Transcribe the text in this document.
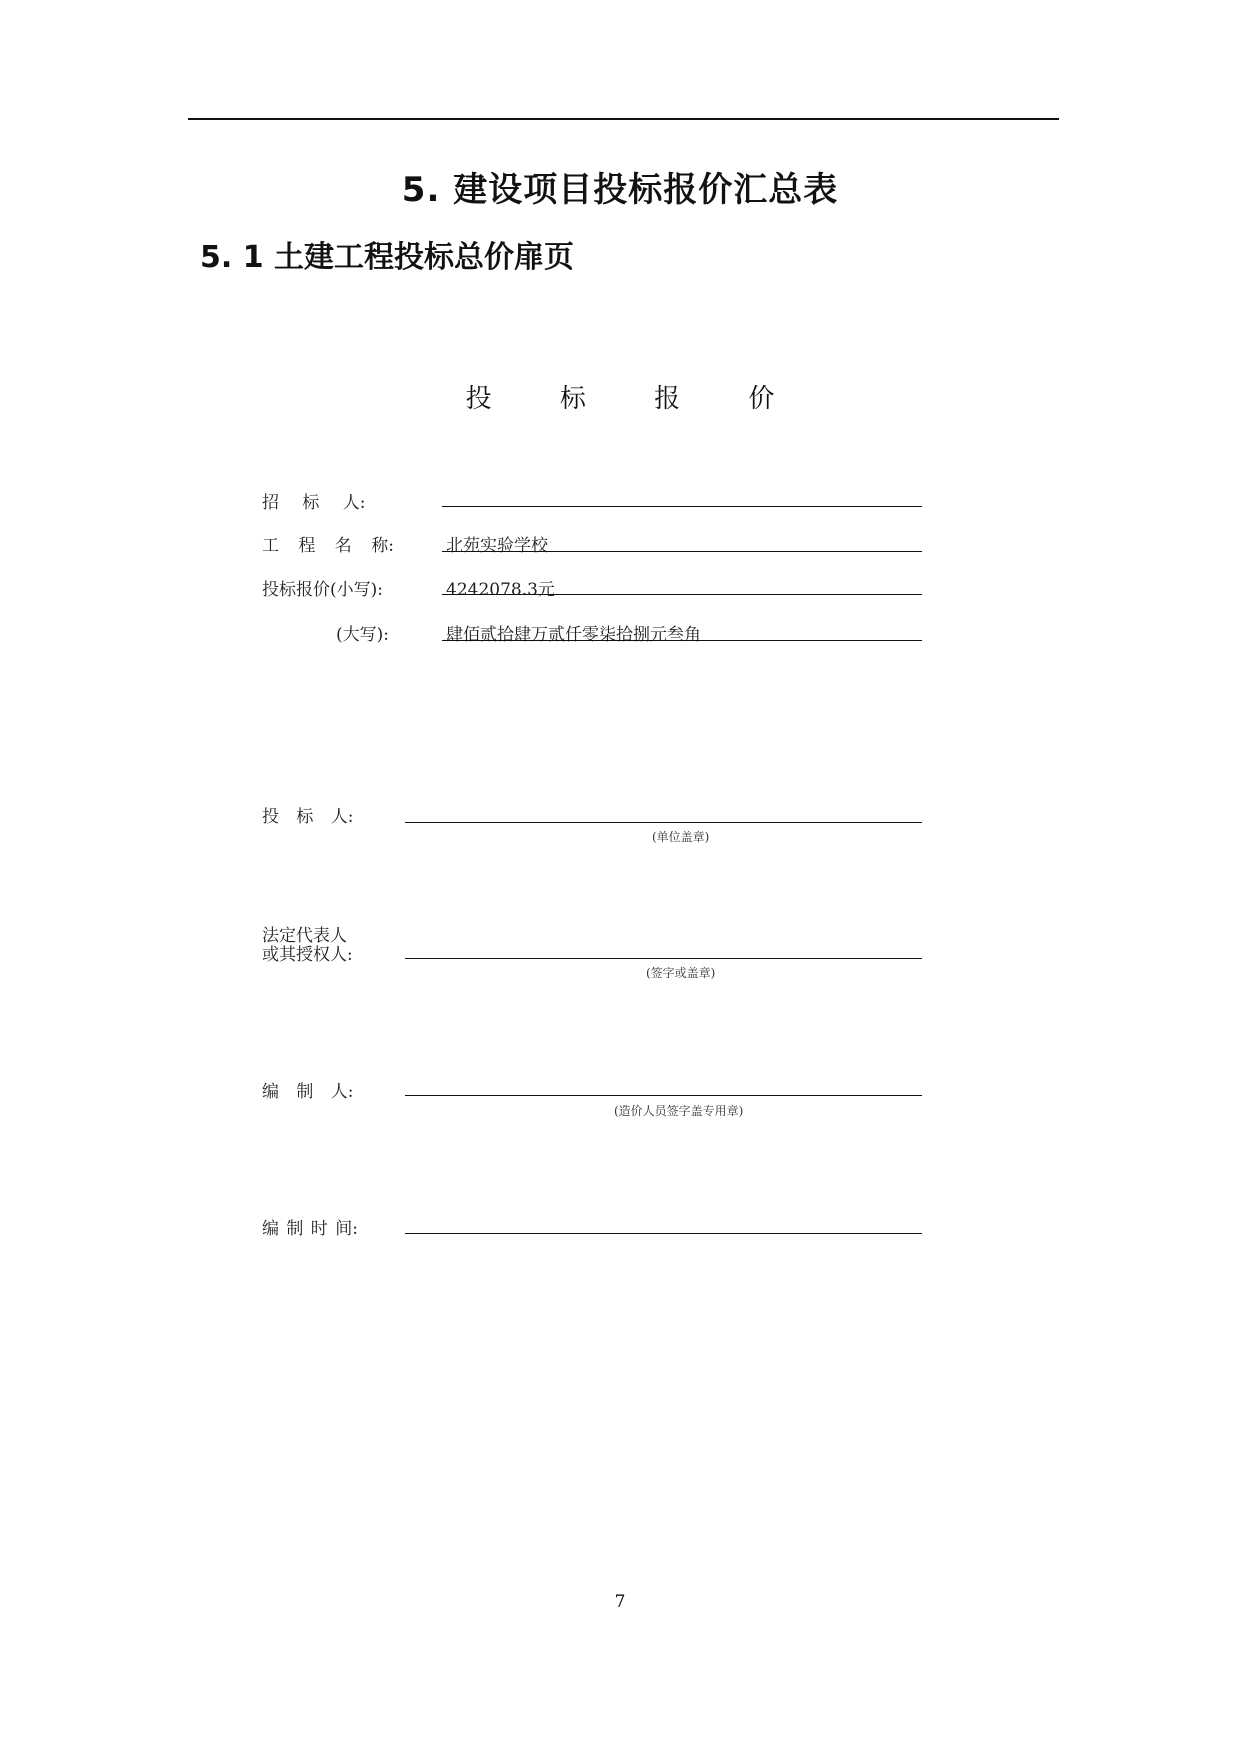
5. 建设项目投标报价汇总表
5. 1 土建工程投标总价扉页
投 标 报 价
招 标 人:
工 程 名 称:	北苑实验学校
投标报价(小写):	4242078.3元
(大写):	肆佰贰拾肆万贰仟零柒拾捌元叁角
投 标 人:
(单位盖章)
法定代表人
或其授权人:
(签字或盖章)
编 制 人:
(造价人员签字盖专用章)
编 制 时 间:
7
